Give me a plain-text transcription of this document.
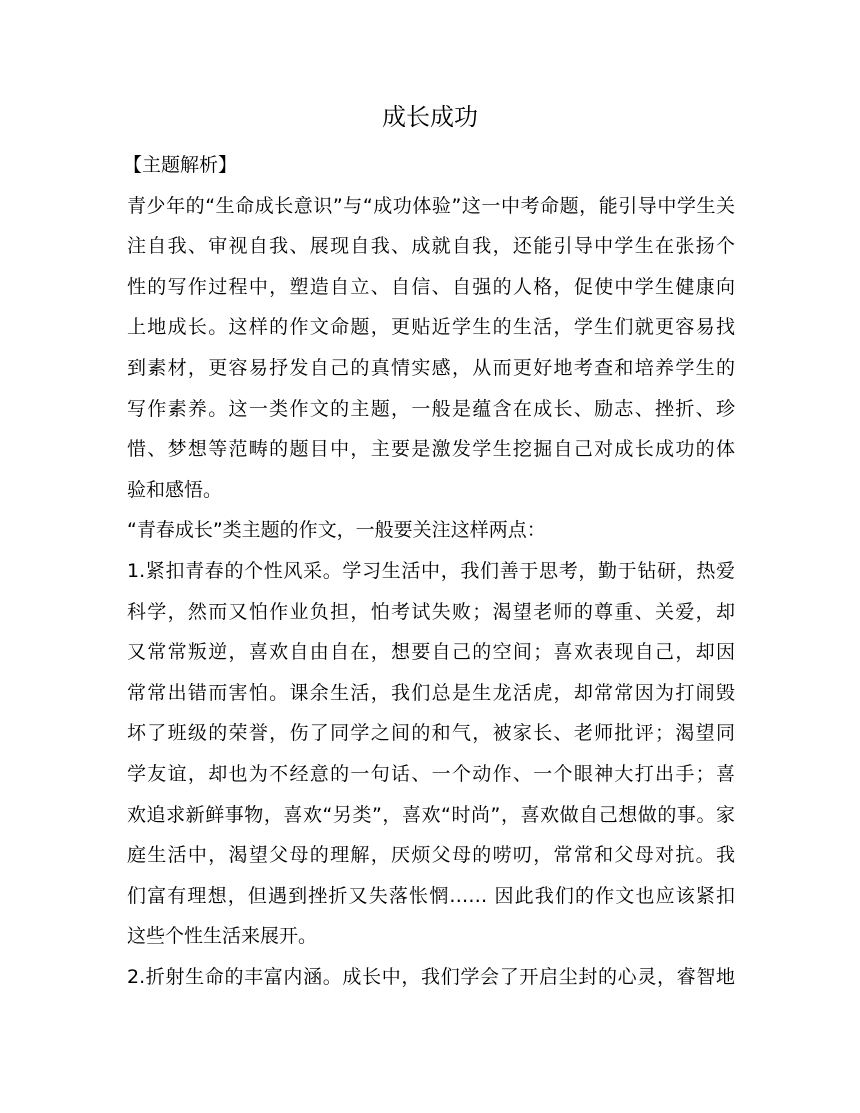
成长成功
【主题解析】
青少年的“生命成长意识”与“成功体验”这一中考命题，能引导中学生关
注自我、审视自我、展现自我、成就自我，还能引导中学生在张扬个
性的写作过程中，塑造自立、自信、自强的人格，促使中学生健康向
上地成长。这样的作文命题，更贴近学生的生活，学生们就更容易找
到素材，更容易抒发自己的真情实感，从而更好地考查和培养学生的
写作素养。这一类作文的主题，一般是蕴含在成长、励志、挫折、珍
惜、梦想等范畴的题目中，主要是激发学生挖掘自己对成长成功的体
验和感悟。
“青春成长”类主题的作文，一般要关注这样两点：
1.紧扣青春的个性风采。学习生活中，我们善于思考，勤于钻研，热爱
科学，然而又怕作业负担，怕考试失败；渴望老师的尊重、关爱，却
又常常叛逆，喜欢自由自在，想要自己的空间；喜欢表现自己，却因
常常出错而害怕。课余生活，我们总是生龙活虎，却常常因为打闹毁
坏了班级的荣誉，伤了同学之间的和气，被家长、老师批评；渴望同
学友谊，却也为不经意的一句话、一个动作、一个眼神大打出手；喜
欢追求新鲜事物，喜欢“另类”，喜欢“时尚”，喜欢做自己想做的事。家
庭生活中，渴望父母的理解，厌烦父母的唠叨，常常和父母对抗。我
们富有理想，但遇到挫折又失落怅惘…… 因此我们的作文也应该紧扣
这些个性生活来展开。
2.折射生命的丰富内涵。成长中，我们学会了开启尘封的心灵，睿智地
